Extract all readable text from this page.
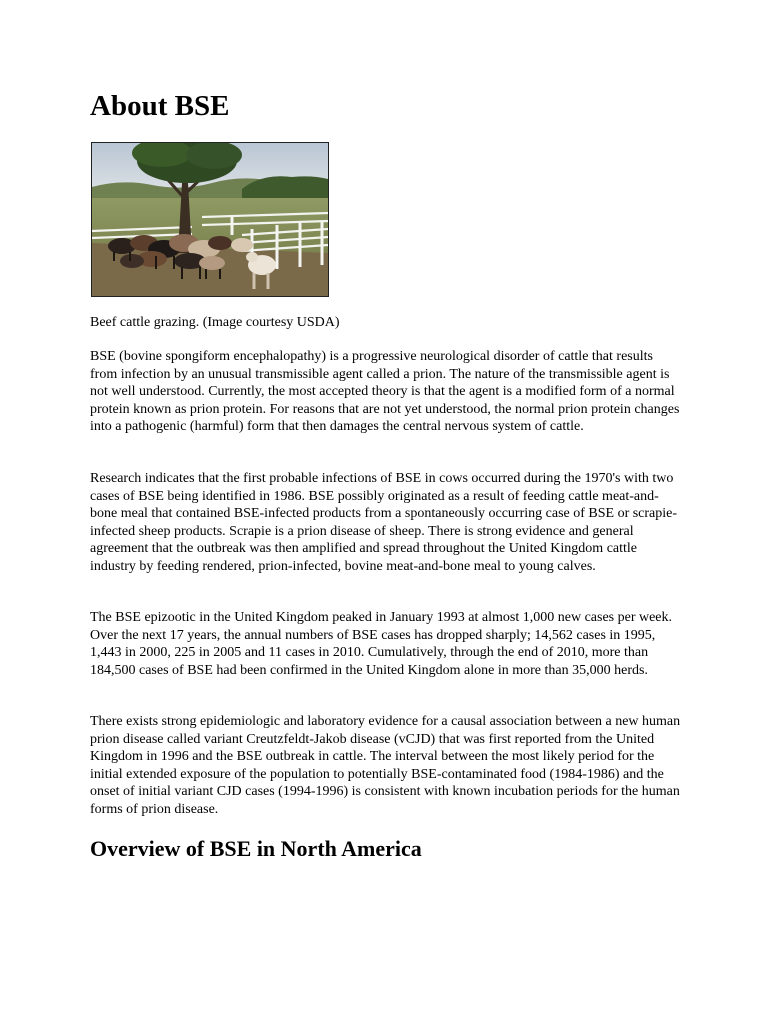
About BSE
Beef cattle grazing. (Image courtesy USDA)

BSE (bovine spongiform encephalopathy) is a progressive neurological disorder of cattle that results from infection by an unusual transmissible agent called a prion. The nature of the transmissible agent is not well understood. Currently, the most accepted theory is that the agent is a modified form of a normal protein known as prion protein. For reasons that are not yet understood, the normal prion protein changes into a pathogenic (harmful) form that then damages the central nervous system of cattle.

Research indicates that the first probable infections of BSE in cows occurred during the 1970's with two cases of BSE being identified in 1986. BSE possibly originated as a result of feeding cattle meat-and-bone meal that contained BSE-infected products from a spontaneously occurring case of BSE or scrapie-infected sheep products. Scrapie is a prion disease of sheep. There is strong evidence and general agreement that the outbreak was then amplified and spread throughout the United Kingdom cattle industry by feeding rendered, prion-infected, bovine meat-and-bone meal to young calves.

The BSE epizootic in the United Kingdom peaked in January 1993 at almost 1,000 new cases per week. Over the next 17 years, the annual numbers of BSE cases has dropped sharply; 14,562 cases in 1995, 1,443 in 2000, 225 in 2005 and 11 cases in 2010. Cumulatively, through the end of 2010, more than 184,500 cases of BSE had been confirmed in the United Kingdom alone in more than 35,000 herds.

There exists strong epidemiologic and laboratory evidence for a causal association between a new human prion disease called variant Creutzfeldt-Jakob disease (vCJD) that was first reported from the United Kingdom in 1996 and the BSE outbreak in cattle. The interval between the most likely period for the initial extended exposure of the population to potentially BSE-contaminated food (1984-1986) and the onset of initial variant CJD cases (1994-1996) is consistent with known incubation periods for the human forms of prion disease.

Overview of BSE in North America
